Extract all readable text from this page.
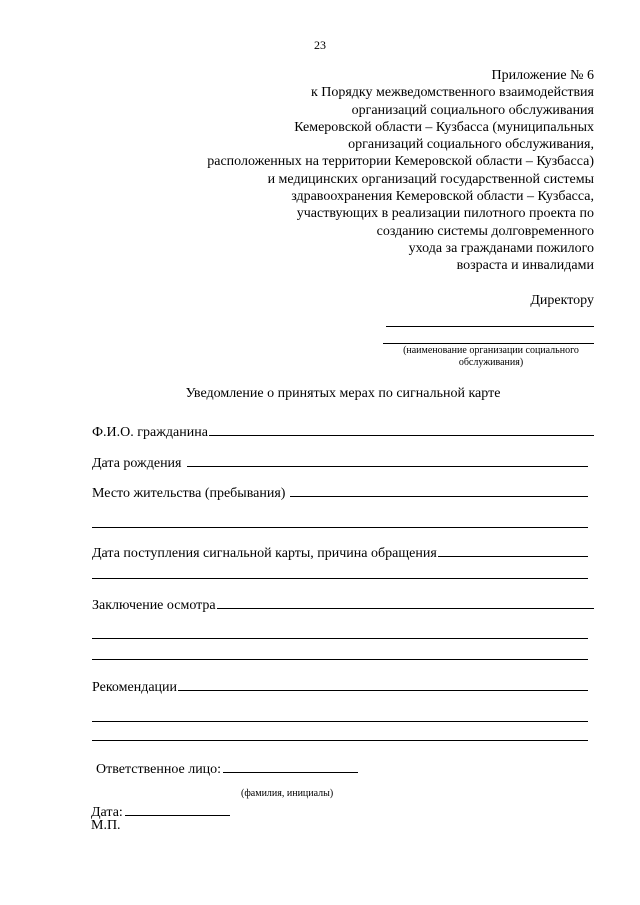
23
Приложение № 6
к Порядку межведомственного взаимодействия
организаций социального обслуживания
Кемеровской области – Кузбасса (муниципальных
организаций социального обслуживания,
расположенных на территории Кемеровской области – Кузбасса)
и медицинских организаций государственной системы
здравоохранения Кемеровской области – Кузбасса,
участвующих в реализации пилотного проекта по
созданию системы долговременного
ухода за гражданами пожилого
возраста и инвалидами
Директору
(наименование организации социального
обслуживания)
Уведомление о принятых мерах по сигнальной карте
Ф.И.О. гражданина
Дата рождения
Место жительства (пребывания)
Дата поступления сигнальной карты, причина обращения
Заключение осмотра
Рекомендации
Ответственное лицо:
(фамилия, инициалы)
Дата:
М.П.
